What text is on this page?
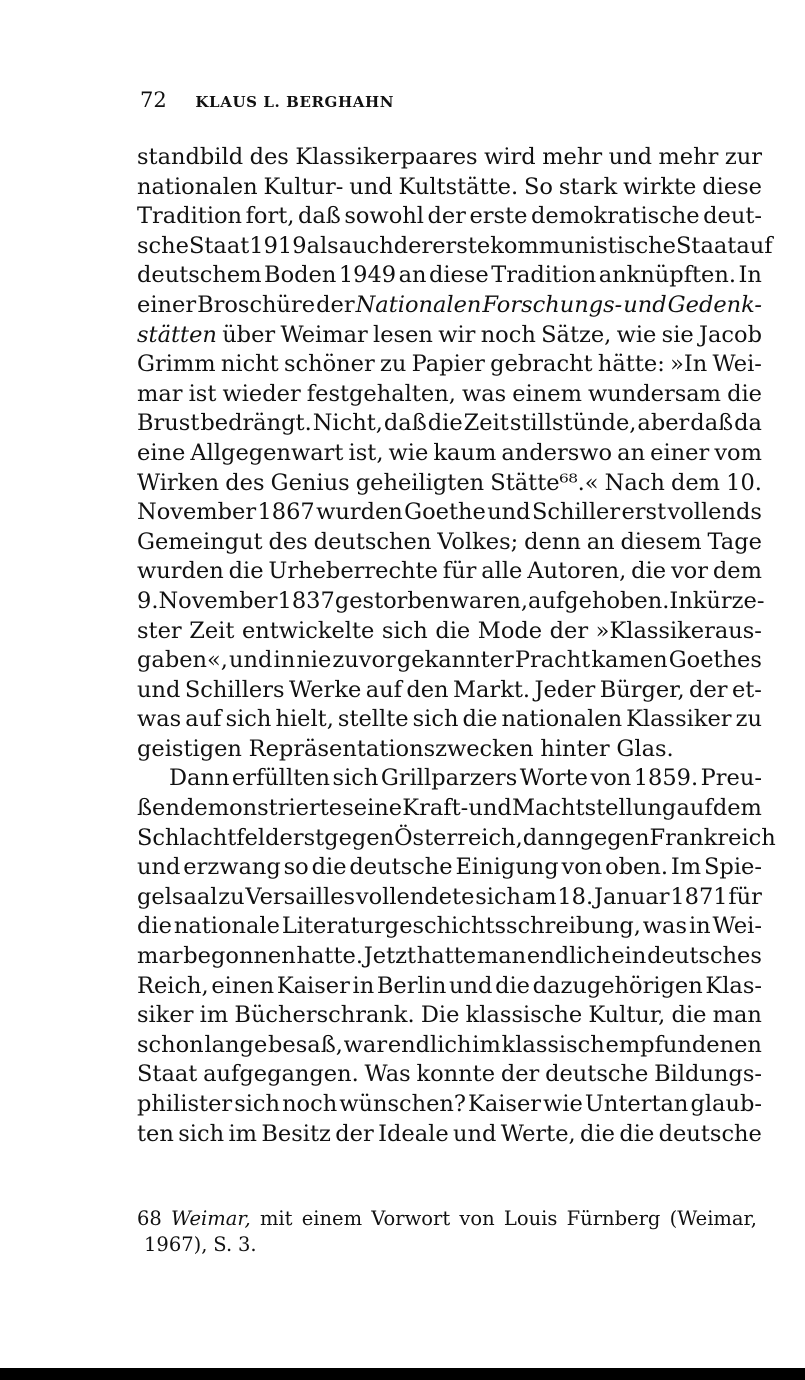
72 KLAUS L. BERGHAHN
standbild des Klassikerpaares wird mehr und mehr zur
nationalen Kultur- und Kultstätte. So stark wirkte diese
Tradition fort, daß sowohl der erste demokratische deut-
sche Staat 1919 als auch der erste kommunistische Staat auf
deutschem Boden 1949 an diese Tradition anknüpften. In
einer Broschüre der Nationalen Forschungs- und Gedenk-
stätten über Weimar lesen wir noch Sätze, wie sie Jacob
Grimm nicht schöner zu Papier gebracht hätte: »In Wei-
mar ist wieder festgehalten, was einem wundersam die
Brust bedrängt. Nicht, daß die Zeit stillstünde, aber daß da
eine Allgegenwart ist, wie kaum anderswo an einer vom
Wirken des Genius geheiligten Stätte⁶⁸.« Nach dem 10.
November 1867 wurden Goethe und Schiller erst vollends
Gemeingut des deutschen Volkes; denn an diesem Tage
wurden die Urheberrechte für alle Autoren, die vor dem
9. November 1837 gestorben waren, aufgehoben. In kürze-
ster Zeit entwickelte sich die Mode der »Klassikeraus-
gaben«, und in nie zuvor gekannter Pracht kamen Goethes
und Schillers Werke auf den Markt. Jeder Bürger, der et-
was auf sich hielt, stellte sich die nationalen Klassiker zu
geistigen Repräsentationszwecken hinter Glas.
Dann erfüllten sich Grillparzers Worte von 1859. Preu-
ßen demonstrierte seine Kraft- und Machtstellung auf dem
Schlachtfeld erst gegen Österreich, dann gegen Frankreich
und erzwang so die deutsche Einigung von oben. Im Spie-
gelsaal zu Versailles vollendete sich am 18. Januar 1871 für
die nationale Literaturgeschichtsschreibung, was in Wei-
mar begonnen hatte. Jetzt hatte man endlich ein deutsches
Reich, einen Kaiser in Berlin und die dazugehörigen Klas-
siker im Bücherschrank. Die klassische Kultur, die man
schon lange besaß, war endlich im klassisch empfundenen
Staat aufgegangen. Was konnte der deutsche Bildungs-
philister sich noch wünschen? Kaiser wie Untertan glaub-
ten sich im Besitz der Ideale und Werte, die die deutsche
68 Weimar, mit einem Vorwort von Louis Fürnberg (Weimar,
1967), S. 3.
